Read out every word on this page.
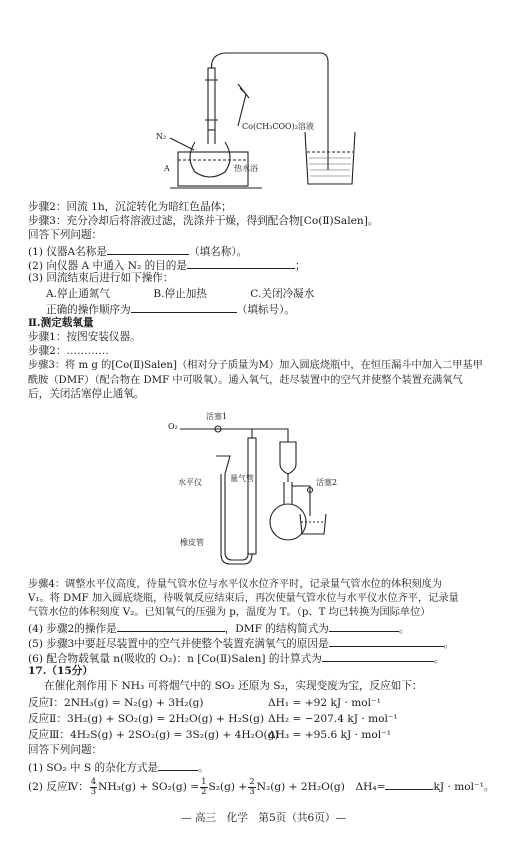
A
N₂
Co(CH₃COO)₂溶液
热水浴
步骤2：回流 1h，沉淀转化为暗红色晶体；
步骤3：充分冷却后将溶液过滤，洗涤并干燥，得到配合物[Co(Ⅱ)Salen]。
回答下列问题：
(1) 仪器A名称是	（填名称）。
(2) 向仪器 A 中通入 N₂ 的目的是	；
(3) 回流结束后进行如下操作：
A.停止通氮气	B.停止加热	C.关闭冷凝水
正确的操作顺序为	（填标号）。
Ⅱ.测定载氧量
步骤1：按图安装仪器。
步骤2：…………
步骤3：将 m g 的[Co(Ⅱ)Salen]（相对分子质量为M）加入圆底烧瓶中，在恒压漏斗中加入二甲基甲
酰胺（DMF）（配合物在 DMF 中可吸氧）。通入氧气，赶尽装置中的空气并使整个装置充满氧气
后，关闭活塞停止通氧。
活塞1
O₂
水平仪	量气管	活塞2
橡皮管
步骤4：调整水平仪高度，待量气管水位与水平仪水位齐平时，记录量气管水位的体积刻度为
V₁。将 DMF 加入圆底烧瓶，待吸氧反应结束后，再次使量气管水位与水平仪水位齐平，记录量
气管水位的体积刻度 V₂。已知氧气的压强为 p，温度为 T。（p、T 均已转换为国际单位）
(4) 步骤2的操作是	，DMF 的结构简式为	。
(5) 步骤3中要赶尽装置中的空气并使整个装置充满氧气的原因是	。
(6) 配合物载氧量 n(吸收的 O₂)：n [Co(Ⅱ)Salen] 的计算式为	。
17.（15分）
在催化剂作用下 NH₃ 可将烟气中的 SO₂ 还原为 S₂，实现变废为宝，反应如下：
反应Ⅰ：2NH₃(g) = N₂(g) + 3H₂(g)	ΔH₁ = +92 kJ · mol⁻¹
反应Ⅱ：3H₂(g) + SO₂(g) = 2H₂O(g) + H₂S(g) ΔH₂ = −207.4 kJ · mol⁻¹
反应Ⅲ：4H₂S(g) + 2SO₂(g) = 3S₂(g) + 4H₂O(g)
ΔH₃ = +95.6 kJ · mol⁻¹
回答下列问题：
(1) SO₂ 中 S 的杂化方式是	。
(2) 反应Ⅳ： $\frac{4}{3} NH_3(g) + SO_2(g) = \frac{1}{2} S_2(g) + \frac{2}{3} N_2(g) + 2H_2O(g)$　ΔH₄=	kJ · mol⁻¹。
— 高三　化学　第5页（共6页）—
